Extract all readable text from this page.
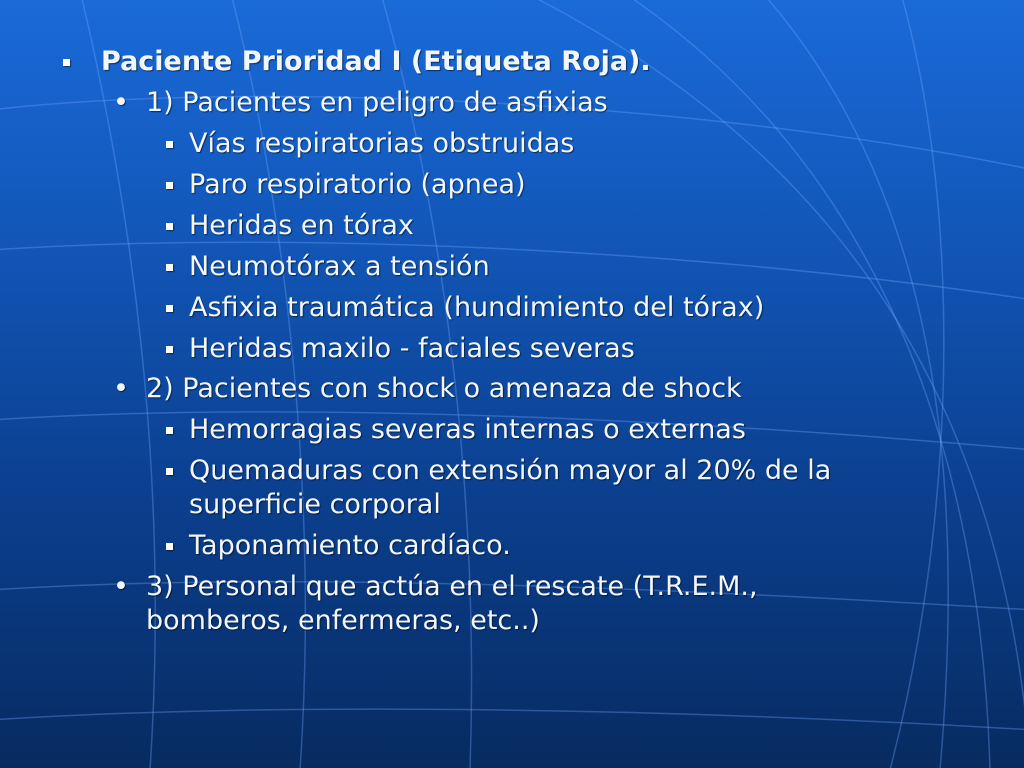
Paciente Prioridad I (Etiqueta Roja).
• 1) Pacientes en peligro de asfixias
Vías respiratorias obstruidas
Paro respiratorio (apnea)
Heridas en tórax
Neumotórax a tensión
Asfixia traumática (hundimiento del tórax)
Heridas maxilo - faciales severas
• 2) Pacientes con shock o amenaza de shock
Hemorragias severas internas o externas
Quemaduras con extensión mayor al 20% de la
superficie corporal
Taponamiento cardíaco.
• 3) Personal que actúa en el rescate (T.R.E.M.,
bomberos, enfermeras, etc..)
